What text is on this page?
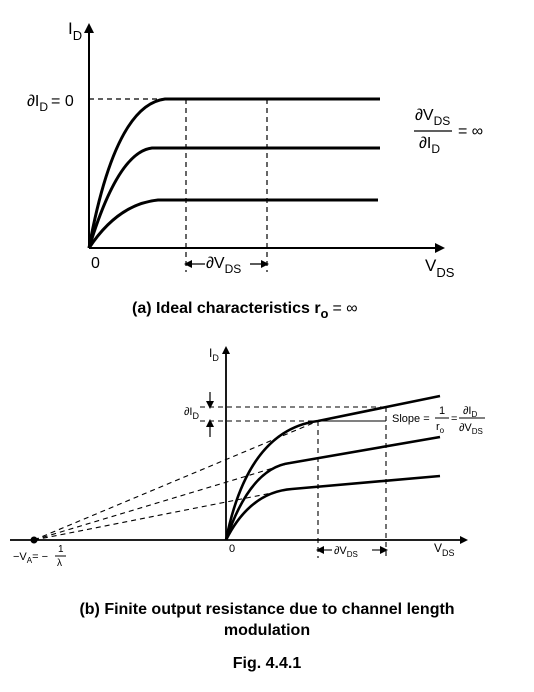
$I_D$
$V_{DS}$
0
$\partial I_D = 0$
$\partial V_{DS}$
$\partial V_{DS}$
$\partial I_D$
= ∞
(a) Ideal characteristics $r_o$ = ∞
$I_D$
$V_{DS}$
0
$\partial I_D$	Slope =
1
$r_o$
=
$\partial I_D$
$\partial V_{DS}$
$\partial V_{DS}$
$-V_A=$ −
1
λ
(b) Finite output resistance due to channel length
modulation
Fig. 4.4.1
